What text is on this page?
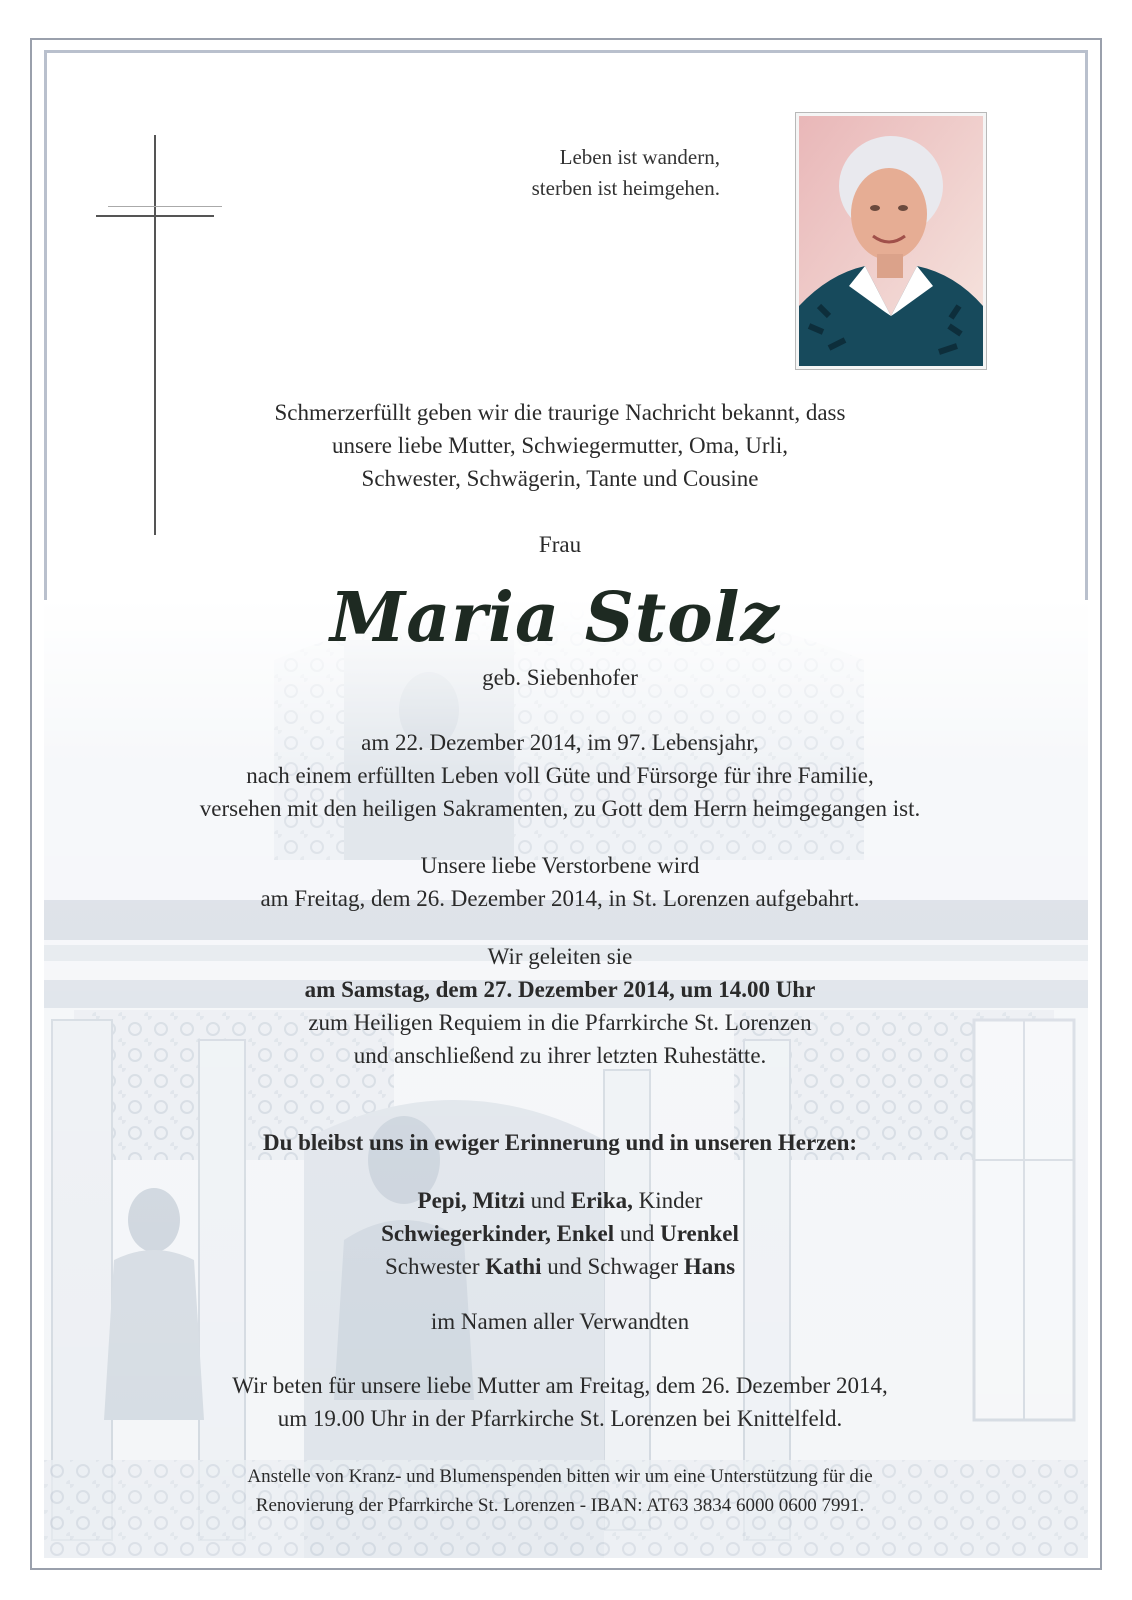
Leben ist wandern,
sterben ist heimgehen.
Schmerzerfüllt geben wir die traurige Nachricht bekannt, dass
unsere liebe Mutter, Schwiegermutter, Oma, Urli,
Schwester, Schwägerin, Tante und Cousine
Frau
Maria Stolz
geb. Siebenhofer
am 22. Dezember 2014, im 97. Lebensjahr,
nach einem erfüllten Leben voll Güte und Fürsorge für ihre Familie,
versehen mit den heiligen Sakramenten, zu Gott dem Herrn heimgegangen ist.
Unsere liebe Verstorbene wird
am Freitag, dem 26. Dezember 2014, in St. Lorenzen aufgebahrt.
Wir geleiten sie
am Samstag, dem 27. Dezember 2014, um 14.00 Uhr
zum Heiligen Requiem in die Pfarrkirche St. Lorenzen
und anschließend zu ihrer letzten Ruhestätte.
Du bleibst uns in ewiger Erinnerung und in unseren Herzen:
Pepi, Mitzi und Erika, Kinder
Schwiegerkinder, Enkel und Urenkel
Schwester Kathi und Schwager Hans
im Namen aller Verwandten
Wir beten für unsere liebe Mutter am Freitag, dem 26. Dezember 2014,
um 19.00 Uhr in der Pfarrkirche St. Lorenzen bei Knittelfeld.
Anstelle von Kranz- und Blumenspenden bitten wir um eine Unterstützung für die
Renovierung der Pfarrkirche St. Lorenzen - IBAN: AT63 3834 6000 0600 7991.
